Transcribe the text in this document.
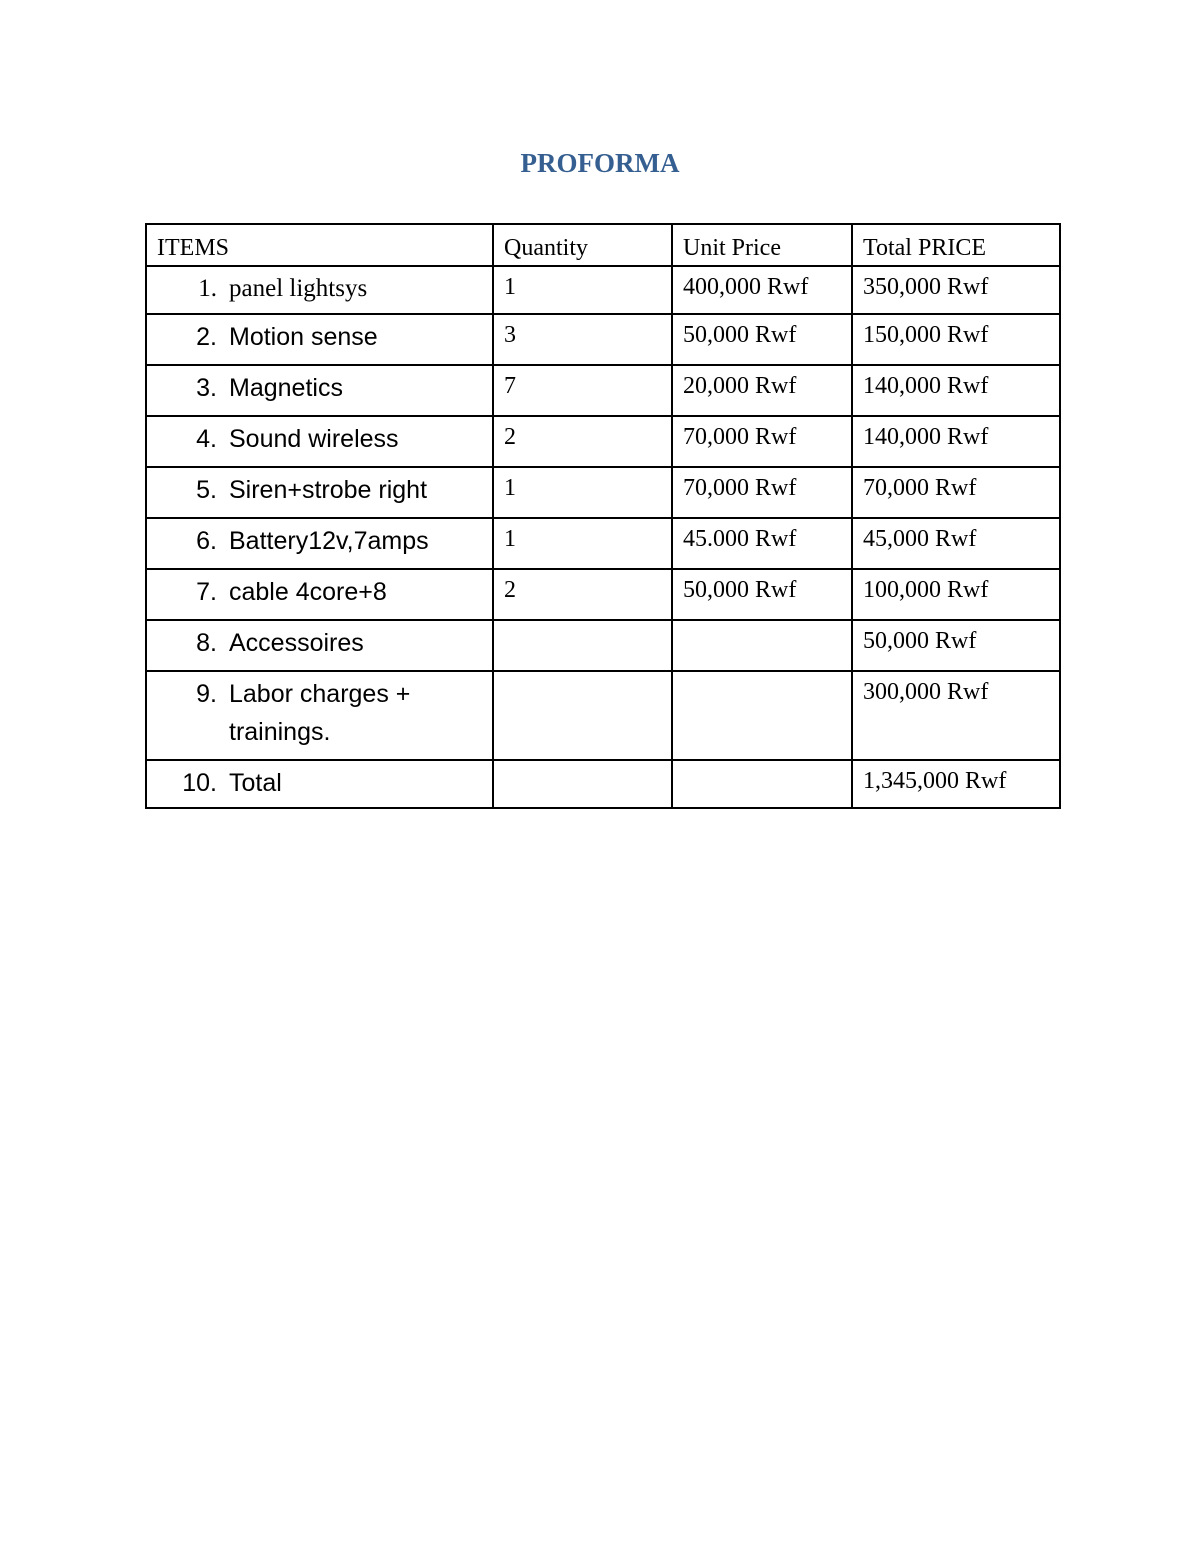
PROFORMA
ITEMS	Quantity	Unit Price	Total PRICE
1. panel lightsys	1	400,000 Rwf	350,000 Rwf
2. Motion sense	3	50,000 Rwf	150,000 Rwf
3. Magnetics	7	20,000 Rwf	140,000 Rwf
4. Sound wireless	2	70,000 Rwf	140,000 Rwf
5. Siren+strobe right	1	70,000 Rwf	70,000 Rwf
6. Battery12v,7amps	1	45.000 Rwf	45,000 Rwf
7. cable 4core+8	2	50,000 Rwf	100,000 Rwf
8. Accessoires			50,000 Rwf
9. Labor charges + trainings.			300,000 Rwf
10. Total			1,345,000 Rwf
